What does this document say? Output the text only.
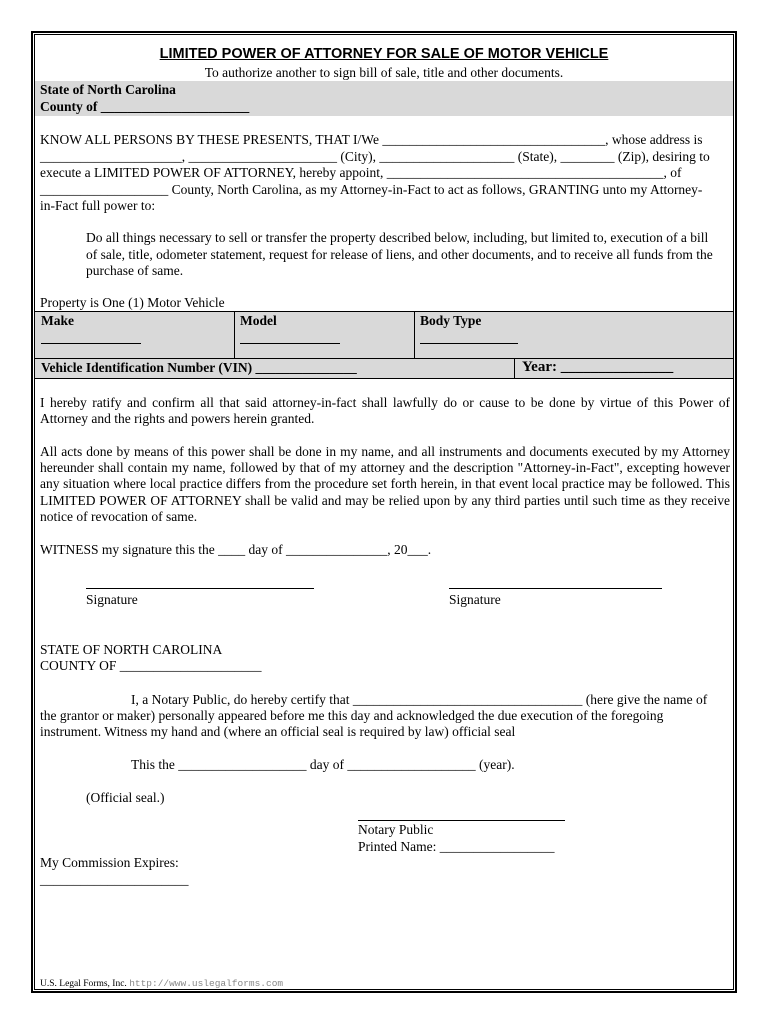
LIMITED POWER OF ATTORNEY FOR SALE OF MOTOR VEHICLE
To authorize another to sign bill of sale, title and other documents.
State of North Carolina
County of ______________________
KNOW ALL PERSONS BY THESE PRESENTS, THAT I/We _________________________________, whose address is
_____________________, ______________________ (City), ____________________ (State), ________ (Zip), desiring to
execute a LIMITED POWER OF ATTORNEY, hereby appoint, _________________________________________, of
___________________ County, North Carolina, as my Attorney-in-Fact to act as follows, GRANTING unto my Attorney-
in-Fact full power to:
Do all things necessary to sell or transfer the property described below, including, but limited to, execution of a bill
of sale, title, odometer statement, request for release of liens, and other documents, and to receive all funds from the
purchase of same.
Property is One (1) Motor Vehicle
Make	Model	Body Type
Vehicle Identification Number (VIN) _______________	Year: _______________
I hereby ratify and confirm all that said attorney-in-fact shall lawfully do or cause to be done by virtue of this Power of Attorney and the rights and powers herein granted.
All acts done by means of this power shall be done in my name, and all instruments and documents executed by my Attorney hereunder shall contain my name, followed by that of my attorney and the description "Attorney-in-Fact", excepting however any situation where local practice differs from the procedure set forth herein, in that event local practice may be followed. This LIMITED POWER OF ATTORNEY shall be valid and may be relied upon by any third parties until such time as they receive notice of revocation of same.
WITNESS my signature this the ____ day of _______________, 20___.
Signature	Signature
STATE OF NORTH CAROLINA
COUNTY OF _____________________
I, a Notary Public, do hereby certify that __________________________________ (here give the name of
the grantor or maker) personally appeared before me this day and acknowledged the due execution of the foregoing
instrument. Witness my hand and (where an official seal is required by law) official seal
This the ___________________ day of ___________________ (year).
(Official seal.)
Notary Public
Printed Name: _________________
My Commission Expires:
______________________
U.S. Legal Forms, Inc. http://www.uslegalforms.com
